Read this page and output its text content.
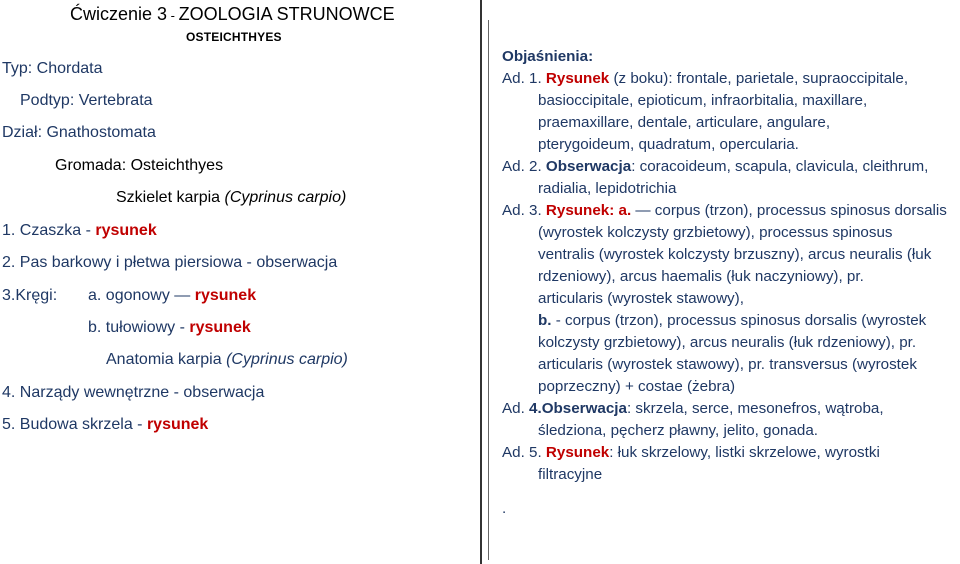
Ćwiczenie 3 - ZOOLOGIA STRUNOWCE
OSTEICHTHYES
Typ: Chordata
Podtyp: Vertebrata
Dział: Gnathostomata
Gromada: Osteichthyes
Szkielet karpia (Cyprinus carpio)
1. Czaszka - rysunek
2. Pas barkowy i płetwa piersiowa - obserwacja
3.Kręgi: a. ogonowy — rysunek
b. tułowiowy - rysunek
Anatomia karpia (Cyprinus carpio)
4. Narządy wewnętrzne - obserwacja
5. Budowa skrzela - rysunek
Objaśnienia:
Ad. 1. Rysunek (z boku): frontale, parietale, supraoccipitale,
basioccipitale, epioticum, infraorbitalia, maxillare,
praemaxillare, dentale, articulare, angulare,
pterygoideum, quadratum, opercularia.
Ad. 2. Obserwacja: coracoideum, scapula, clavicula, cleithrum,
radialia, lepidotrichia
Ad. 3. Rysunek: a. — corpus (trzon), processus spinosus dorsalis
(wyrostek kolczysty grzbietowy), processus spinosus
ventralis (wyrostek kolczysty brzuszny), arcus neuralis (łuk
rdzeniowy), arcus haemalis (łuk naczyniowy), pr.
articularis (wyrostek stawowy),
b. - corpus (trzon), processus spinosus dorsalis (wyrostek
kolczysty grzbietowy), arcus neuralis (łuk rdzeniowy), pr.
articularis (wyrostek stawowy), pr. transversus (wyrostek
poprzeczny) + costae (żebra)
Ad. 4.Obserwacja: skrzela, serce, mesonefros, wątroba,
śledziona, pęcherz pławny, jelito, gonada.
Ad. 5. Rysunek: łuk skrzelowy, listki skrzelowe, wyrostki
filtracyjne
.
